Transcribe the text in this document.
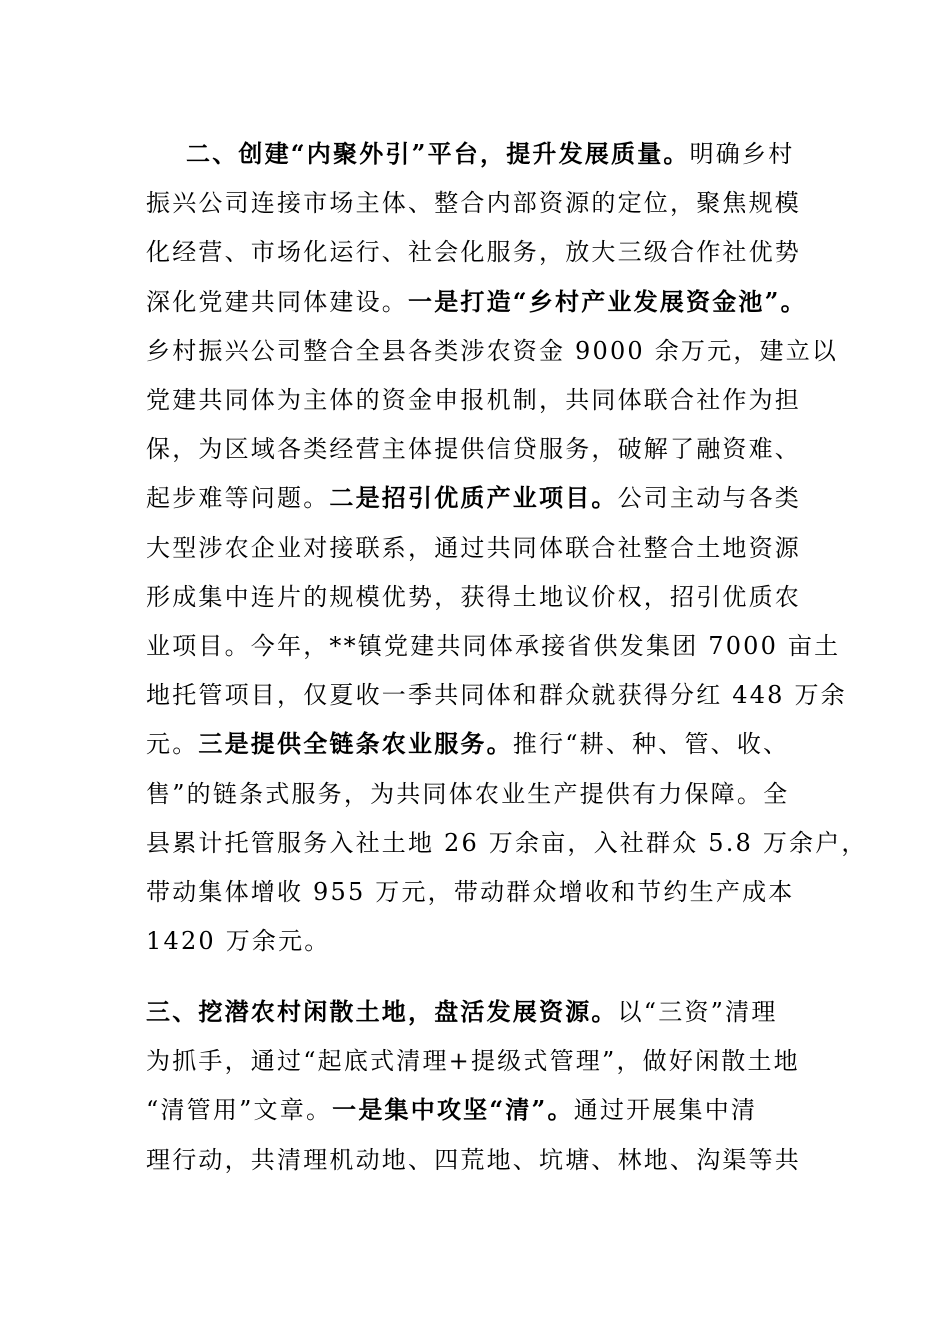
二、创建“内聚外引”平台，提升发展质量。明确乡村
振兴公司连接市场主体、整合内部资源的定位，聚焦规模
化经营、市场化运行、社会化服务，放大三级合作社优势
深化党建共同体建设。一是打造“乡村产业发展资金池”。
乡村振兴公司整合全县各类涉农资金 9000 余万元，建立以
党建共同体为主体的资金申报机制，共同体联合社作为担
保，为区域各类经营主体提供信贷服务，破解了融资难、
起步难等问题。二是招引优质产业项目。公司主动与各类
大型涉农企业对接联系，通过共同体联合社整合土地资源
形成集中连片的规模优势，获得土地议价权，招引优质农
业项目。今年，**镇党建共同体承接省供发集团 7000 亩土
地托管项目，仅夏收一季共同体和群众就获得分红 448 万余
元。三是提供全链条农业服务。推行“耕、种、管、收、
售”的链条式服务，为共同体农业生产提供有力保障。全
县累计托管服务入社土地 26 万余亩，入社群众 5.8 万余户，
带动集体增收 955 万元，带动群众增收和节约生产成本
1420 万余元。
三、挖潜农村闲散土地，盘活发展资源。以“三资”清理
为抓手，通过“起底式清理+提级式管理”，做好闲散土地
“清管用”文章。一是集中攻坚“清”。通过开展集中清
理行动，共清理机动地、四荒地、坑塘、林地、沟渠等共
